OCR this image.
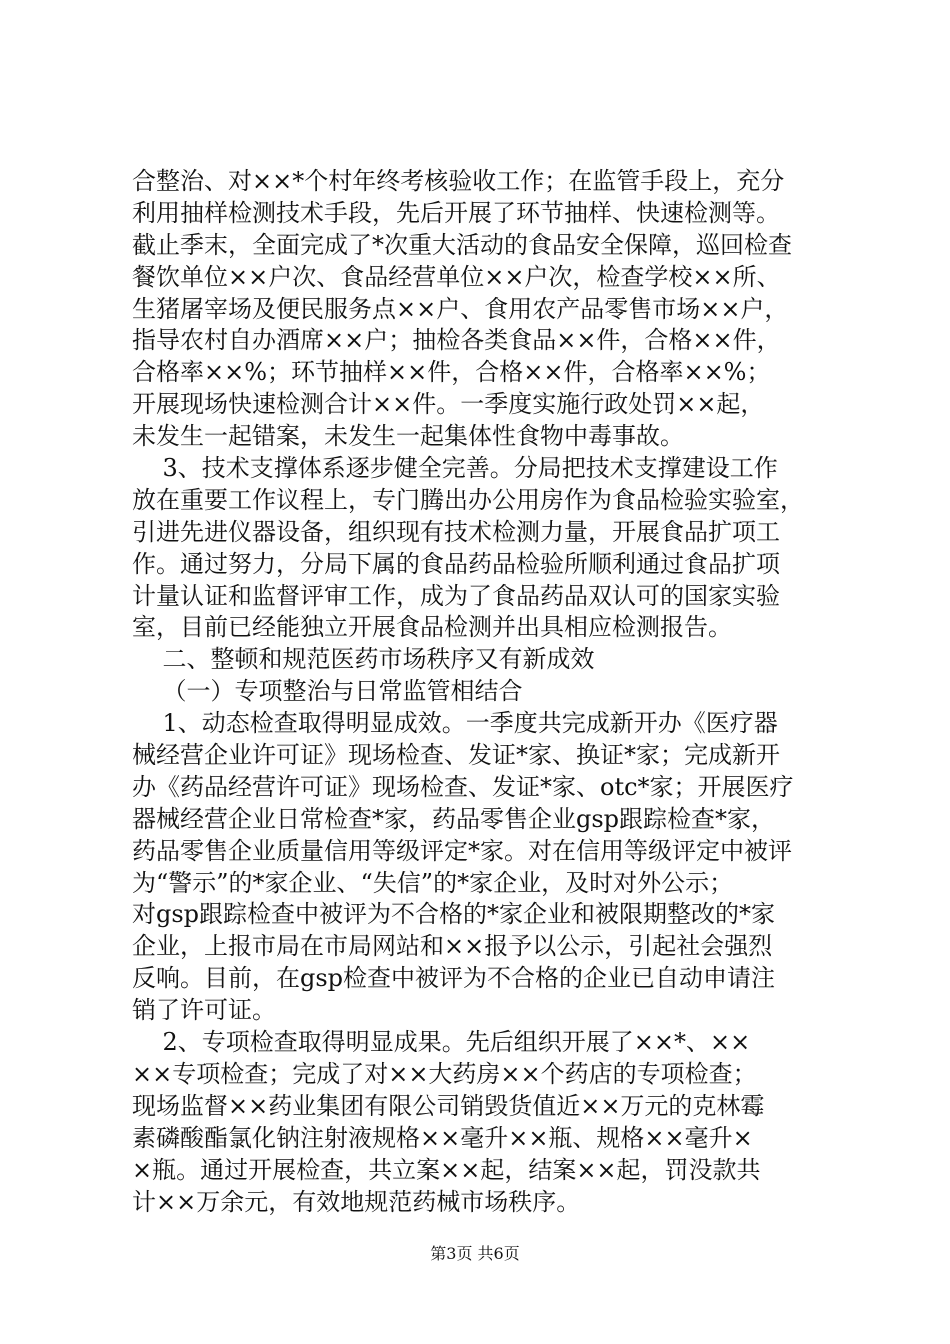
合整治、对××*个村年终考核验收工作；在监管手段上，充分
利用抽样检测技术手段，先后开展了环节抽样、快速检测等。
截止季末，全面完成了*次重大活动的食品安全保障，巡回检查
餐饮单位××户次、食品经营单位××户次，检查学校××所、
生猪屠宰场及便民服务点××户、食用农产品零售市场××户，
指导农村自办酒席××户；抽检各类食品××件，合格××件，
合格率××%；环节抽样××件，合格××件，合格率××%；
开展现场快速检测合计××件。一季度实施行政处罚××起，
未发生一起错案，未发生一起集体性食物中毒事故。
3、技术支撑体系逐步健全完善。分局把技术支撑建设工作
放在重要工作议程上，专门腾出办公用房作为食品检验实验室，
引进先进仪器设备，组织现有技术检测力量，开展食品扩项工
作。通过努力，分局下属的食品药品检验所顺利通过食品扩项
计量认证和监督评审工作，成为了食品药品双认可的国家实验
室，目前已经能独立开展食品检测并出具相应检测报告。
二、整顿和规范医药市场秩序又有新成效
（一）专项整治与日常监管相结合
1、动态检查取得明显成效。一季度共完成新开办《医疗器
械经营企业许可证》现场检查、发证*家、换证*家；完成新开
办《药品经营许可证》现场检查、发证*家、otc*家；开展医疗
器械经营企业日常检查*家，药品零售企业gsp跟踪检查*家，
药品零售企业质量信用等级评定*家。对在信用等级评定中被评
为“警示”的*家企业、“失信”的*家企业，及时对外公示；
对gsp跟踪检查中被评为不合格的*家企业和被限期整改的*家
企业，上报市局在市局网站和××报予以公示，引起社会强烈
反响。目前，在gsp检查中被评为不合格的企业已自动申请注
销了许可证。
2、专项检查取得明显成果。先后组织开展了××*、××
××专项检查；完成了对××大药房××个药店的专项检查；
现场监督××药业集团有限公司销毁货值近××万元的克林霉
素磷酸酯氯化钠注射液规格××毫升××瓶、规格××毫升×
×瓶。通过开展检查，共立案××起，结案××起，罚没款共
计××万余元，有效地规范药械市场秩序。
第3页 共6页
